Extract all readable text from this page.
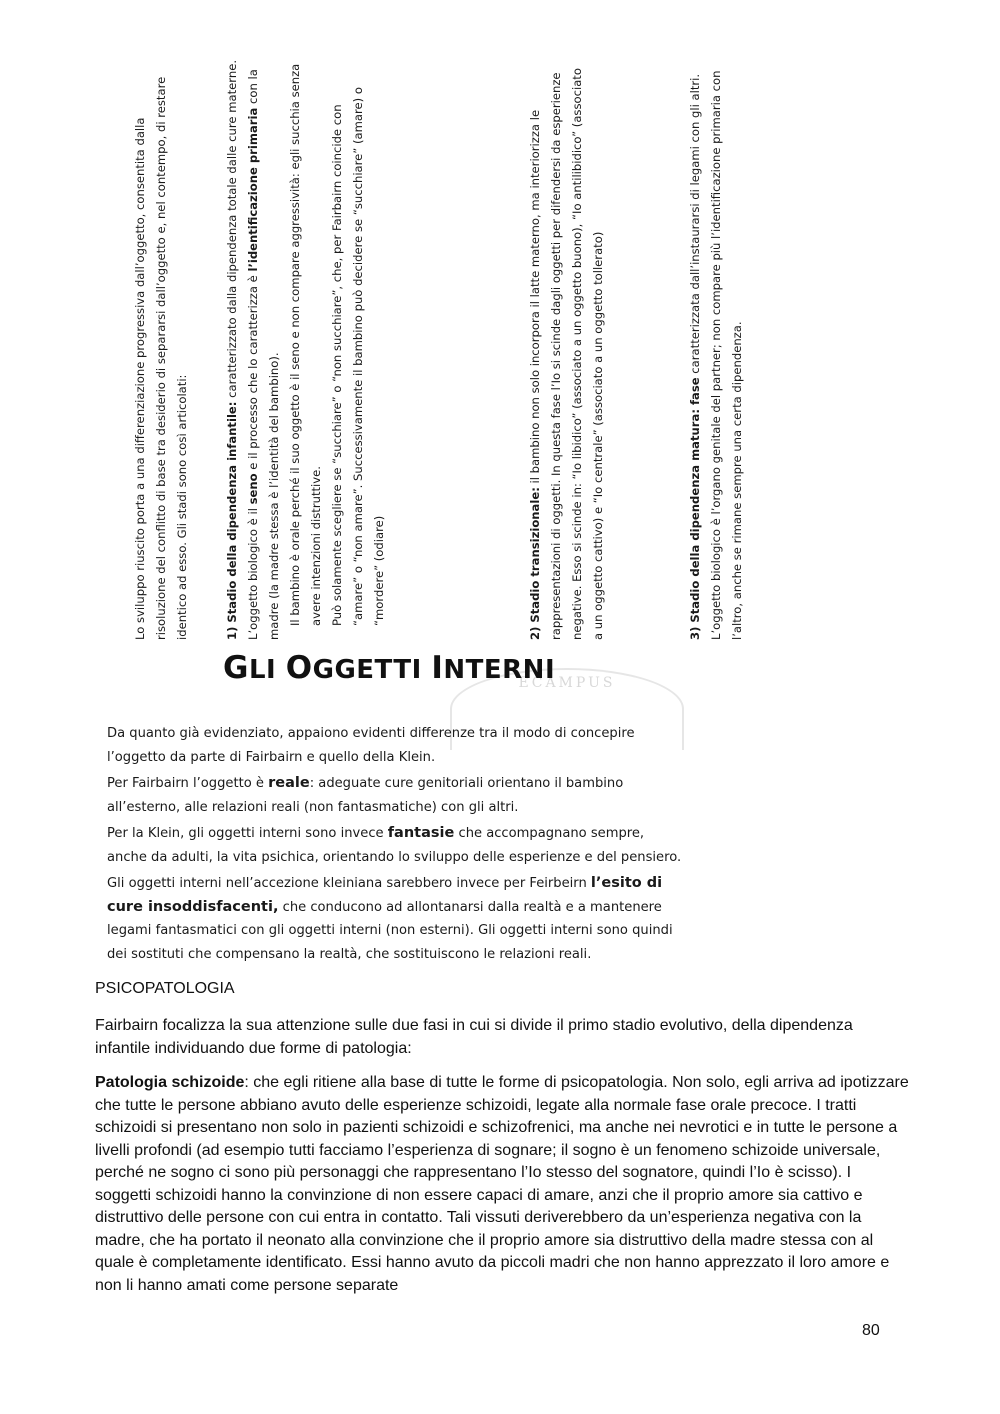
Lo sviluppo riuscito porta a una differenziazione progressiva dall’oggetto, consentita dalla risoluzione del conflitto di base tra desiderio di separarsi dall’oggetto e, nel contempo, di restare identico ad esso. Gli stadi sono così articolati:	1) Stadio della dipendenza infantile: caratterizzato dalla dipendenza totale dalle cure materne. L’oggetto biologico è il seno e il processo che lo caratterizza è l’identificazione primaria con la madre (la madre stessa è l’identità del bambino). Il bambino è orale perché il suo oggetto è il seno e non compare aggressività: egli succhia senza avere intenzioni distruttive. Può solamente scegliere se “succhiare” o “non succhiare”, che, per Fairbairn coincide con “amare” o “non amare”. Successivamente il bambino può decidere se “succhiare” (amare) o “mordere” (odiare)	2) Stadio transizionale: il bambino non solo incorpora il latte materno, ma interiorizza le rappresentazioni di oggetti. In questa fase l’Io si scinde dagli oggetti per difendersi da esperienze negative. Esso si scinde in: “Io libidico” (associato a un oggetto buono), “Io antilibidico” (associato a un oggetto cattivo) e “Io centrale” (associato a un oggetto tollerato)	3) Stadio della dipendenza matura: fase caratterizzata dall’instaurarsi di legami con gli altri. L’oggetto biologico è l’organo genitale del partner; non compare più l’identificazione primaria con l’altro, anche se rimane sempre una certa dipendenza.

ECAMPUS
GLI OGGETTI INTERNI

Da quanto già evidenziato, appaiono evidenti differenze tra il modo di concepire l’oggetto da parte di Fairbairn e quello della Klein.

Per Fairbairn l’oggetto è reale: adeguate cure genitoriali orientano il bambino all’esterno, alle relazioni reali (non fantasmatiche) con gli altri.

Per la Klein, gli oggetti interni sono invece fantasie che accompagnano sempre, anche da adulti, la vita psichica, orientando lo sviluppo delle esperienze e del pensiero.

Gli oggetti interni nell’accezione kleiniana sarebbero invece per Feirbeirn l’esito di cure insoddisfacenti, che conducono ad allontanarsi dalla realtà e a mantenere legami fantasmatici con gli oggetti interni (non esterni). Gli oggetti interni sono quindi dei sostituti che compensano la realtà, che sostituiscono le relazioni reali.

PSICOPATOLOGIA

Fairbairn focalizza la sua attenzione sulle due fasi in cui si divide il primo stadio evolutivo, della dipendenza infantile individuando due forme di patologia:

Patologia schizoide: che egli ritiene alla base di tutte le forme di psicopatologia. Non solo, egli arriva ad ipotizzare che tutte le persone abbiano avuto delle esperienze schizoidi, legate alla normale fase orale precoce. I tratti schizoidi si presentano non solo in pazienti schizoidi e schizofrenici, ma anche nei nevrotici e in tutte le persone a livelli profondi (ad esempio tutti facciamo l’esperienza di sognare; il sogno è un fenomeno schizoide universale, perché ne sogno ci sono più personaggi che rappresentano l’Io stesso del sognatore, quindi l’Io è scisso). I soggetti schizoidi hanno la convinzione di non essere capaci di amare, anzi che il proprio amore sia cattivo e distruttivo delle persone con cui entra in contatto. Tali vissuti deriverebbero da un’esperienza negativa con la madre, che ha portato il neonato alla convinzione che il proprio amore sia distruttivo della madre stessa con al quale è completamente identificato. Essi hanno avuto da piccoli madri che non hanno apprezzato il loro amore e non li hanno amati come persone separate

80
